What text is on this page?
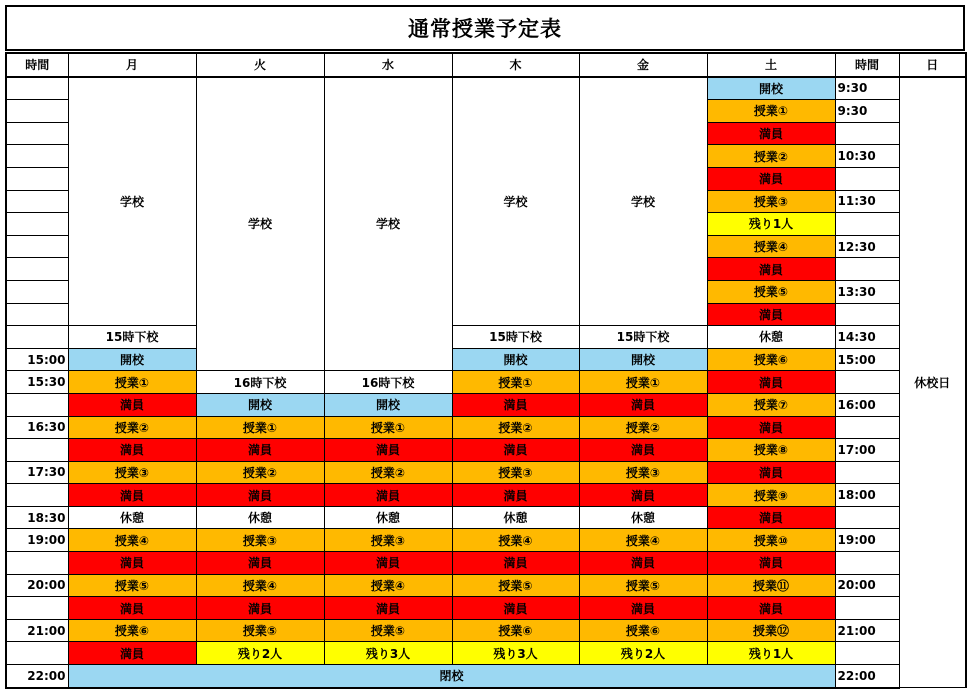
通常授業予定表
時間	月	火	水	木	金	土	時間	日
	学校	学校	学校	学校	学校	開校	9:30	休校日
						授業①	9:30	
						満員		
						授業②	10:30	
						満員		
						授業③	11:30	
						残り1人		
						授業④	12:30	
						満員		
						授業⑤	13:30	
						満員		
	15時下校			15時下校	15時下校	休憩	14:30	
15:00	開校			開校	開校	授業⑥	15:00	
15:30	授業①	16時下校	16時下校	授業①	授業①	満員		
	満員	開校	開校	満員	満員	授業⑦	16:00	
16:30	授業②	授業①	授業①	授業②	授業②	満員		
	満員	満員	満員	満員	満員	授業⑧	17:00	
17:30	授業③	授業②	授業②	授業③	授業③	満員		
	満員	満員	満員	満員	満員	授業⑨	18:00	
18:30	休憩	休憩	休憩	休憩	休憩	満員		
19:00	授業④	授業③	授業③	授業④	授業④	授業⑩	19:00	
	満員	満員	満員	満員	満員	満員		
20:00	授業⑤	授業④	授業④	授業⑤	授業⑤	授業⑪	20:00	
	満員	満員	満員	満員	満員	満員		
21:00	授業⑥	授業⑤	授業⑤	授業⑥	授業⑥	授業⑫	21:00	
	満員	残り2人	残り3人	残り3人	残り2人	残り1人		
22:00	閉校						22:00	
